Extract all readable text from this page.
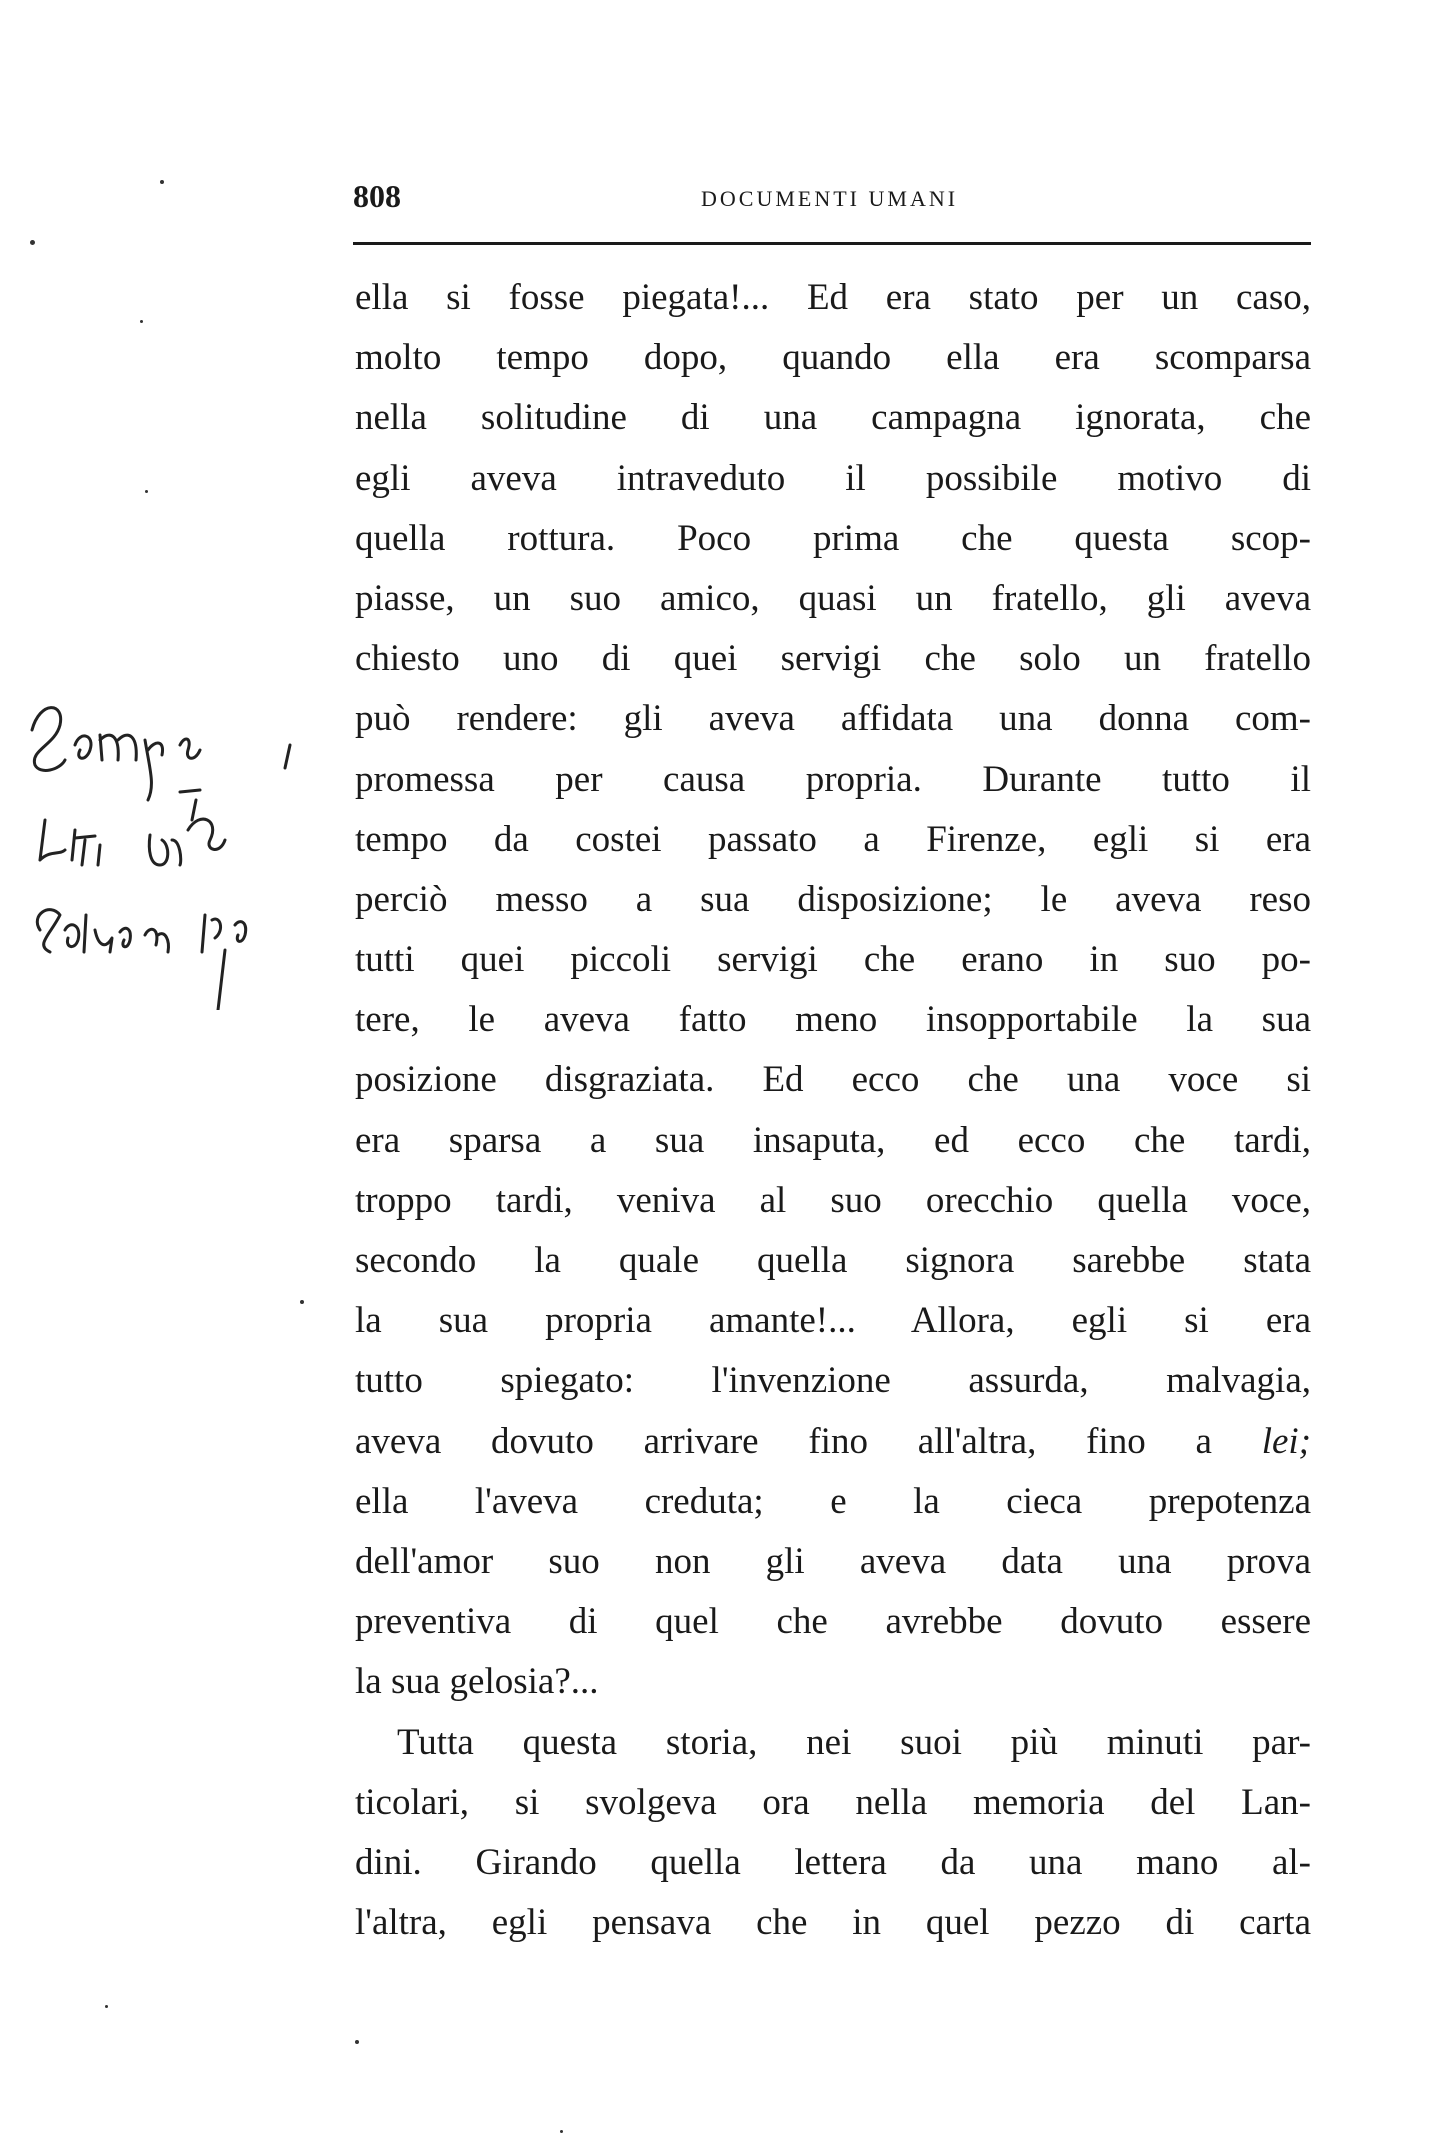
808	DOCUMENTI UMANI
ella si fosse piegata!... Ed era stato per un caso,
molto tempo dopo, quando ella era scomparsa
nella solitudine di una campagna ignorata, che
egli aveva intraveduto il possibile motivo di
quella rottura. Poco prima che questa scop-
piasse, un suo amico, quasi un fratello, gli aveva
chiesto uno di quei servigi che solo un fratello
può rendere: gli aveva affidata una donna com-
promessa per causa propria. Durante tutto il
tempo da costei passato a Firenze, egli si era
perciò messo a sua disposizione; le aveva reso
tutti quei piccoli servigi che erano in suo po-
tere, le aveva fatto meno insopportabile la sua
posizione disgraziata. Ed ecco che una voce si
era sparsa a sua insaputa, ed ecco che tardi,
troppo tardi, veniva al suo orecchio quella voce,
secondo la quale quella signora sarebbe stata
la sua propria amante!... Allora, egli si era
tutto spiegato: l'invenzione assurda, malvagia,
aveva dovuto arrivare fino all'altra, fino a lei;
ella l'aveva creduta; e la cieca prepotenza
dell'amor suo non gli aveva data una prova
preventiva di quel che avrebbe dovuto essere
la sua gelosia?...
Tutta questa storia, nei suoi più minuti par-
ticolari, si svolgeva ora nella memoria del Lan-
dini. Girando quella lettera da una mano al-
l'altra, egli pensava che in quel pezzo di carta
